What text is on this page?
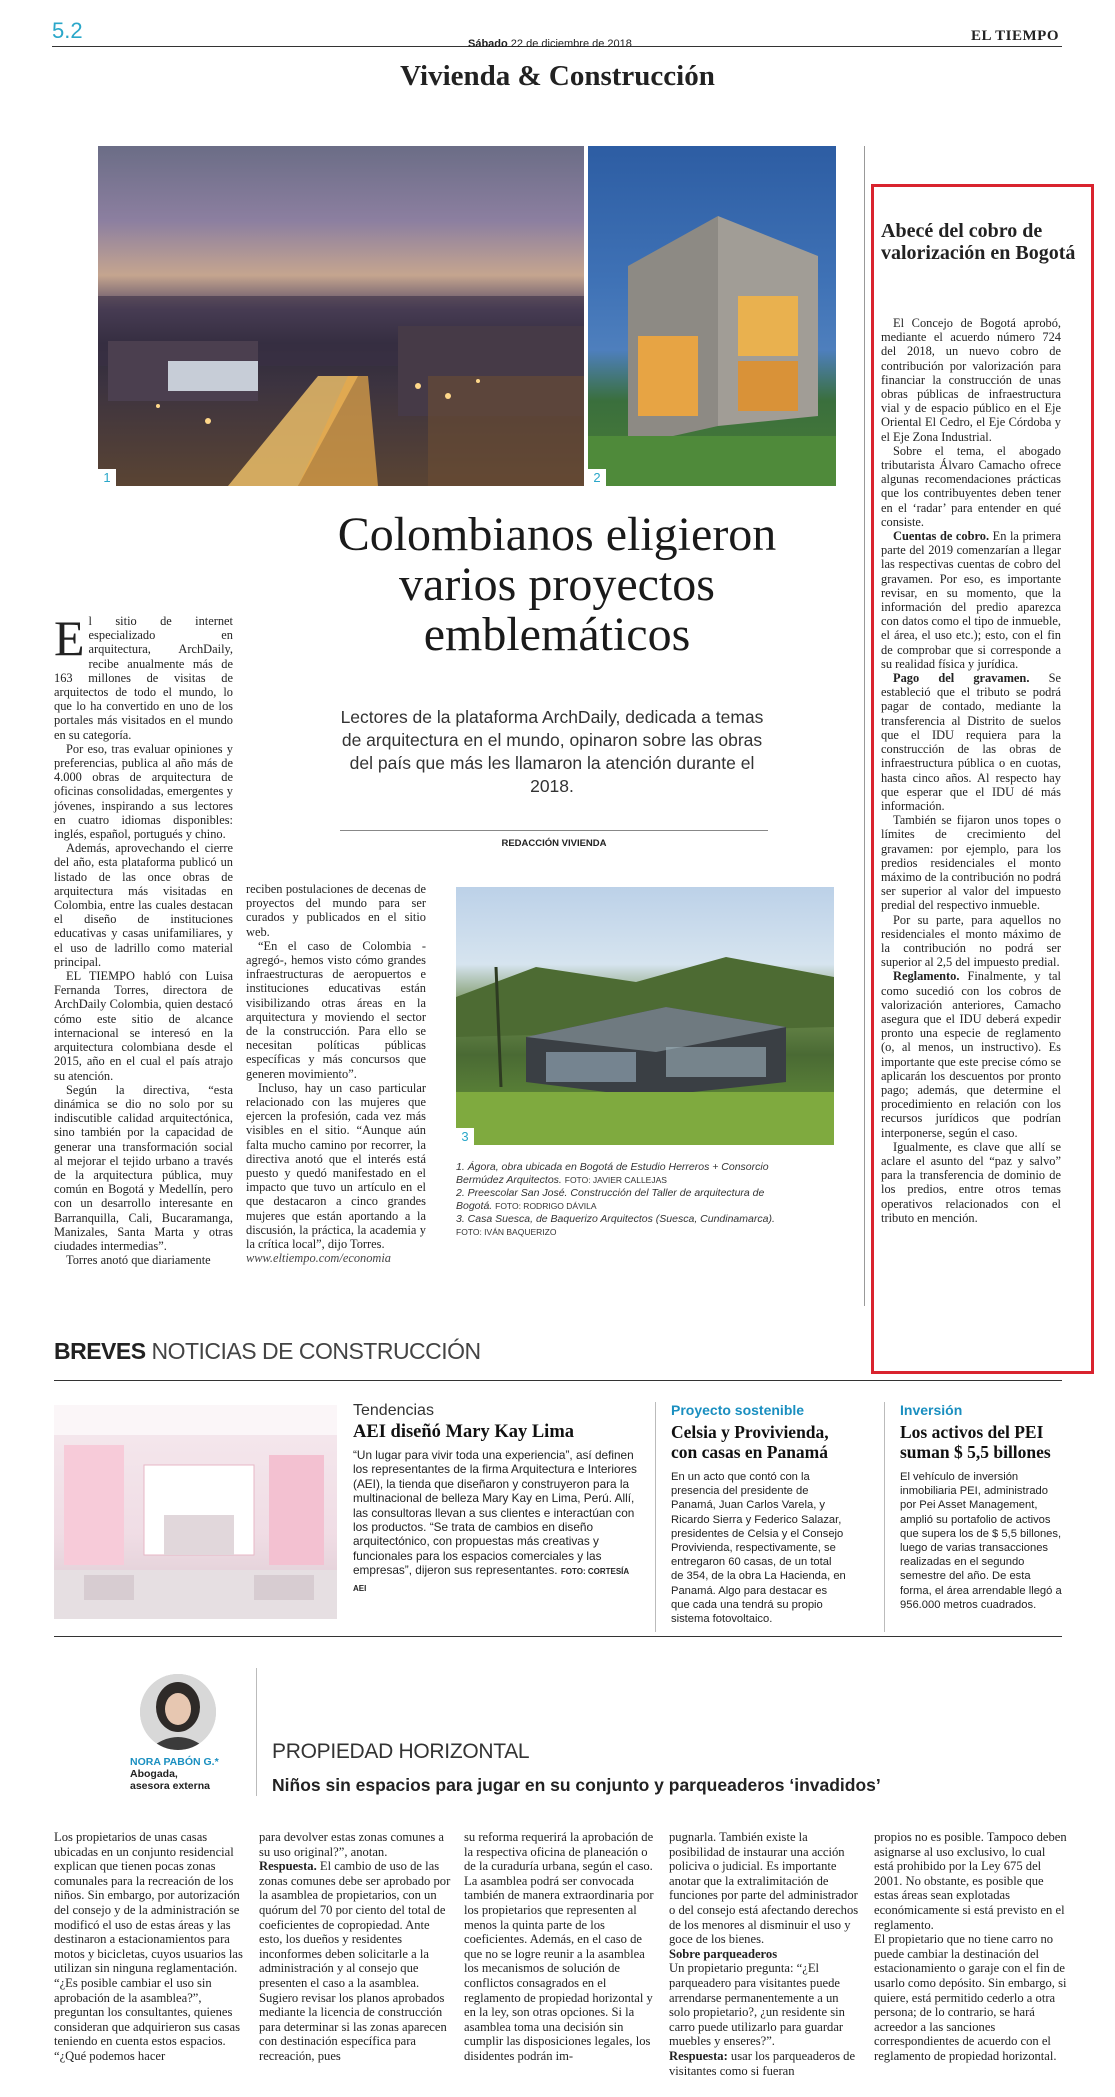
5.2
Sábado 22 de diciembre de 2018	EL TIEMPO
Vivienda & Construcción
1	2
Colombianos eligieron varios proyectos emblemáticos
Lectores de la plataforma ArchDaily, dedicada a temas de arquitectura en el mundo, opinaron sobre las obras del país que más les llamaron la atención durante el 2018.
REDACCIÓN VIVIENDA
E l sitio de internet especializado en arquitectura, ArchDaily, recibe anualmente más de 163 millones de visitas de arquitectos de todo el mundo, lo que lo ha convertido en uno de los portales más visitados en el mundo en su categoría.

Por eso, tras evaluar opiniones y preferencias, publica al año más de 4.000 obras de arquitectura de oficinas consolidadas, emergentes y jóvenes, inspirando a sus lectores en cuatro idiomas disponibles: inglés, español, portugués y chino.

Además, aprovechando el cierre del año, esta plataforma publicó un listado de las once obras de arquitectura más visitadas en Colombia, entre las cuales destacan el diseño de instituciones educativas y casas unifamiliares, y el uso de ladrillo como material principal.

EL TIEMPO habló con Luisa Fernanda Torres, directora de ArchDaily Colombia, quien destacó cómo este sitio de alcance internacional se interesó en la arquitectura colombiana desde el 2015, año en el cual el país atrajo su atención.

Según la directiva, “esta dinámica se dio no solo por su indiscutible calidad arquitectónica, sino también por la capacidad de generar una transformación social al mejorar el tejido urbano a través de la arquitectura pública, muy común en Bogotá y Medellín, pero con un desarrollo interesante en Barranquilla, Cali, Bucaramanga, Manizales, Santa Marta y otras ciudades intermedias”.

Torres anotó que diariamente

reciben postulaciones de decenas de proyectos del mundo para ser curados y publicados en el sitio web.

“En el caso de Colombia -agregó-, hemos visto cómo grandes infraestructuras de aeropuertos e instituciones educativas están visibilizando otras áreas en la arquitectura y moviendo el sector de la construcción. Para ello se necesitan políticas públicas específicas y más concursos que generen movimiento”.

Incluso, hay un caso particular relacionado con las mujeres que ejercen la profesión, cada vez más visibles en el sitio. “Aunque aún falta mucho camino por recorrer, la directiva anotó que el interés está puesto y quedó manifestado en el impacto que tuvo un artículo en el que destacaron a cinco grandes mujeres que están aportando a la discusión, la práctica, la academia y la crítica local”, dijo Torres.

www.eltiempo.com/economia

3
1. Ágora, obra ubicada en Bogotá de Estudio Herreros + Consorcio Bermúdez Arquitectos. FOTO: JAVIER CALLEJAS
2. Preescolar San José. Construcción del Taller de arquitectura de Bogotá. FOTO: RODRIGO DÁVILA
3. Casa Suesca, de Baquerizo Arquitectos (Suesca, Cundinamarca). FOTO: IVÁN BAQUERIZO
Abecé del cobro de valorización en Bogotá

El Concejo de Bogotá aprobó, mediante el acuerdo número 724 del 2018, un nuevo cobro de contribución por valorización para financiar la construcción de unas obras públicas de infraestructura vial y de espacio público en el Eje Oriental El Cedro, el Eje Córdoba y el Eje Zona Industrial.

Sobre el tema, el abogado tributarista Álvaro Camacho ofrece algunas recomendaciones prácticas que los contribuyentes deben tener en el ‘radar’ para entender en qué consiste.

Cuentas de cobro. En la primera parte del 2019 comenzarían a llegar las respectivas cuentas de cobro del gravamen. Por eso, es importante revisar, en su momento, que la información del predio aparezca con datos como el tipo de inmueble, el área, el uso etc.); esto, con el fin de comprobar que si corresponde a su realidad física y jurídica.

Pago del gravamen. Se estableció que el tributo se podrá pagar de contado, mediante la transferencia al Distrito de suelos que el IDU requiera para la construcción de las obras de infraestructura pública o en cuotas, hasta cinco años. Al respecto hay que esperar que el IDU dé más información.

También se fijaron unos topes o límites de crecimiento del gravamen: por ejemplo, para los predios residenciales el monto máximo de la contribución no podrá ser superior al valor del impuesto predial del respectivo inmueble.

Por su parte, para aquellos no residenciales el monto máximo de la contribución no podrá ser superior al 2,5 del impuesto predial.

Reglamento. Finalmente, y tal como sucedió con los cobros de valorización anteriores, Camacho asegura que el IDU deberá expedir pronto una especie de reglamento (o, al menos, un instructivo). Es importante que este precise cómo se aplicarán los descuentos por pronto pago; además, que determine el procedimiento en relación con los recursos jurídicos que podrían interponerse, según el caso.

Igualmente, es clave que allí se aclare el asunto del “paz y salvo” para la transferencia de dominio de los predios, entre otros temas operativos relacionados con el tributo en mención.

BREVES NOTICIAS DE CONSTRUCCIÓN
Tendencias
AEI diseñó Mary Kay Lima
“Un lugar para vivir toda una experiencia”, así definen los representantes de la firma Arquitectura e Interiores (AEI), la tienda que diseñaron y construyeron para la multinacional de belleza Mary Kay en Lima, Perú. Allí, las consultoras llevan a sus clientes e interactúan con los productos. “Se trata de cambios en diseño arquitectónico, con propuestas más creativas y funcionales para los espacios comerciales y las empresas”, dijeron sus representantes. FOTO: CORTESÍA AEI
Proyecto sostenible
Celsia y Provivienda, con casas en Panamá
En un acto que contó con la presencia del presidente de Panamá, Juan Carlos Varela, y Ricardo Sierra y Federico Salazar, presidentes de Celsia y el Consejo Provivienda, respectivamente, se entregaron 60 casas, de un total de 354, de la obra La Hacienda, en Panamá. Algo para destacar es que cada una tendrá su propio sistema fotovoltaico.
Inversión
Los activos del PEI suman $ 5,5 billones
El vehículo de inversión inmobiliaria PEI, administrado por Pei Asset Management, amplió su portafolio de activos que supera los de $ 5,5 billones, luego de varias transacciones realizadas en el segundo semestre del año. De esta forma, el área arrendable llegó a 956.000 metros cuadrados.
NORA PABÓN G.*
Abogada,
asesora externa
PROPIEDAD HORIZONTAL
Niños sin espacios para jugar en su conjunto y parqueaderos ‘invadidos’

Los propietarios de unas casas ubicadas en un conjunto residencial explican que tienen pocas zonas comunales para la recreación de los niños. Sin embargo, por autorización del consejo y de la administración se modificó el uso de estas áreas y las destinaron a estacionamientos para motos y bicicletas, cuyos usuarios las utilizan sin ninguna reglamentación. “¿Es posible cambiar el uso sin aprobación de la asamblea?”, preguntan los consultantes, quienes consideran que adquirieron sus casas teniendo en cuenta estos espacios. “¿Qué podemos hacer

para devolver estas zonas comunes a su uso original?”, anotan.

Respuesta. El cambio de uso de las zonas comunes debe ser aprobado por la asamblea de propietarios, con un quórum del 70 por ciento del total de coeficientes de copropiedad. Ante esto, los dueños y residentes inconformes deben solicitarle a la administración y al consejo que presenten el caso a la asamblea.

Sugiero revisar los planos aprobados mediante la licencia de construcción para determinar si las zonas aparecen con destinación específica para recreación, pues

su reforma requerirá la aprobación de la respectiva oficina de planeación o de la curaduría urbana, según el caso. La asamblea podrá ser convocada también de manera extraordinaria por los propietarios que representen al menos la quinta parte de los coeficientes. Además, en el caso de que no se logre reunir a la asamblea los mecanismos de solución de conflictos consagrados en el reglamento de propiedad horizontal y en la ley, son otras opciones. Si la asamblea toma una decisión sin cumplir las disposiciones legales, los disidentes podrán im-

pugnarla. También existe la posibilidad de instaurar una acción policiva o judicial. Es importante anotar que la extralimitación de funciones por parte del administrador o del consejo está afectando derechos de los menores al disminuir el uso y goce de los bienes.

Sobre parqueaderos

Un propietario pregunta: “¿El parqueadero para visitantes puede arrendarse permanentemente a un solo propietario?, ¿un residente sin carro puede utilizarlo para guardar muebles y enseres?”.

Respuesta: usar los parqueaderos de visitantes como si fueran

propios no es posible. Tampoco deben asignarse al uso exclusivo, lo cual está prohibido por la Ley 675 del 2001. No obstante, es posible que estas áreas sean explotadas económicamente si está previsto en el reglamento.

El propietario que no tiene carro no puede cambiar la destinación del estacionamiento o garaje con el fin de usarlo como depósito. Sin embargo, si quiere, está permitido cederlo a otra persona; de lo contrario, se hará acreedor a las sanciones correspondientes de acuerdo con el reglamento de propiedad horizontal.
